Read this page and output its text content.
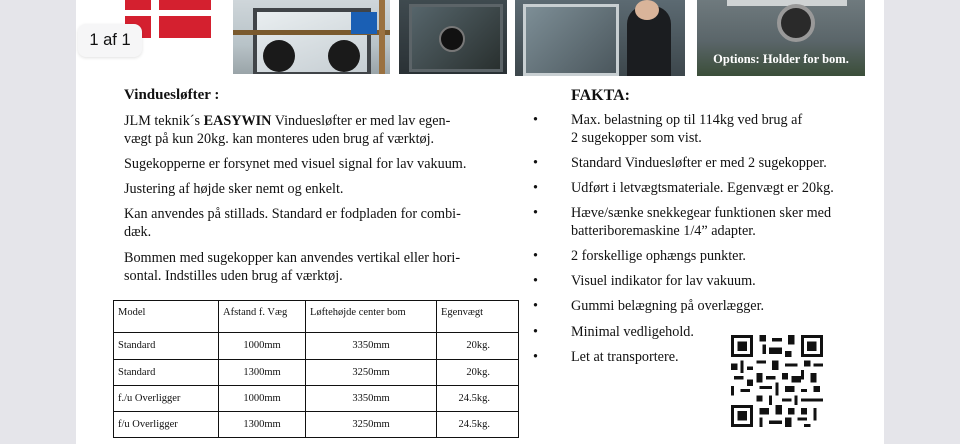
Options: Holder for bom.
1 af 1

Vinduesløfter :

JLM teknik´s EASYWIN Vinduesløfter er med lav egen-
vægt på kun 20kg. kan monteres uden brug af værktøj.

Sugekopperne er forsynet med visuel signal for lav vakuum.

Justering af højde sker nemt og enkelt.

Kan anvendes på stillads. Standard er fodpladen for combi-
dæk.

Bommen med sugekopper kan anvendes vertikal eller hori-
sontal. Indstilles uden brug af værktøj.

Model	Afstand f. Væg	Løftehøjde center bom	Egenvægt
Standard	1000mm	3350mm	20kg.
Standard	1300mm	3250mm	20kg.
f./u Overligger	1000mm	3350mm	24.5kg.
f/u Overligger	1300mm	3250mm	24.5kg.

FAKTA:

• Max. belastning op til 114kg ved brug af
2 sugekopper som vist.

• Standard Vinduesløfter er med 2 sugekopper.

• Udført i letvægtsmateriale. Egenvægt er 20kg.

• Hæve/sænke snekkegear funktionen sker med
batteriboremaskine 1/4” adapter.

• 2 forskellige ophængs punkter.

• Visuel indikator for lav vakuum.

• Gummi belægning på overlægger.

• Minimal vedligehold.

• Let at transportere.
